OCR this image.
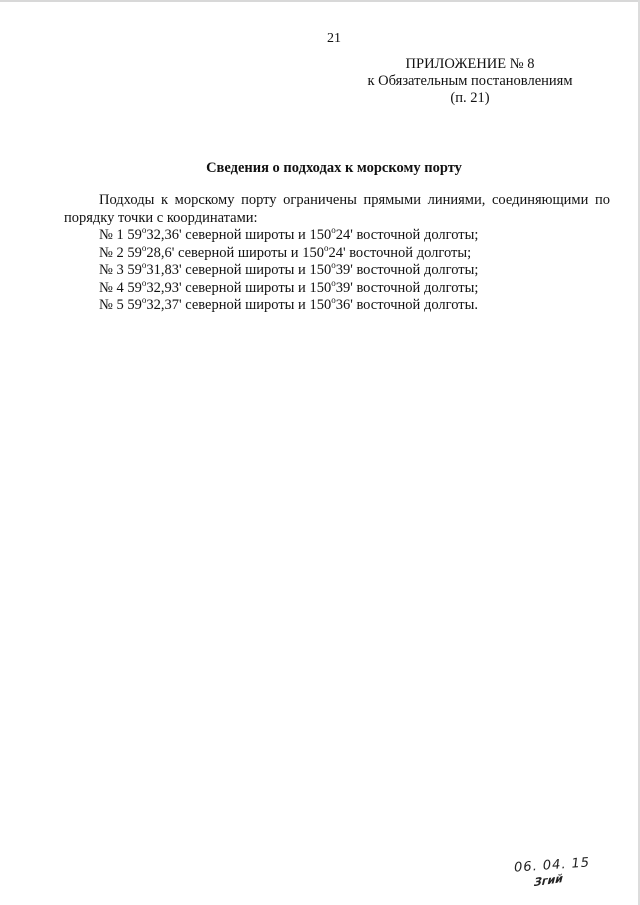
21
ПРИЛОЖЕНИЕ № 8
к Обязательным постановлениям
(п. 21)
Сведения о подходах к морскому порту

Подходы к морскому порту ограничены прямыми линиями, соединяющими по порядку точки с координатами:

№ 1 $59^о32,36'$ северной широты и $150^о24'$ восточной долготы;
№ 2 $59^о28,6'$ северной широты и $150^о24'$ восточной долготы;
№ 3 $59^о31,83'$ северной широты и $150^о39'$ восточной долготы;
№ 4 $59^о32,93'$ северной широты и $150^о39'$ восточной долготы;
№ 5 $59^о32,37'$ северной широты и $150^о36'$ восточной долготы.
06. 04. 15
Згий
